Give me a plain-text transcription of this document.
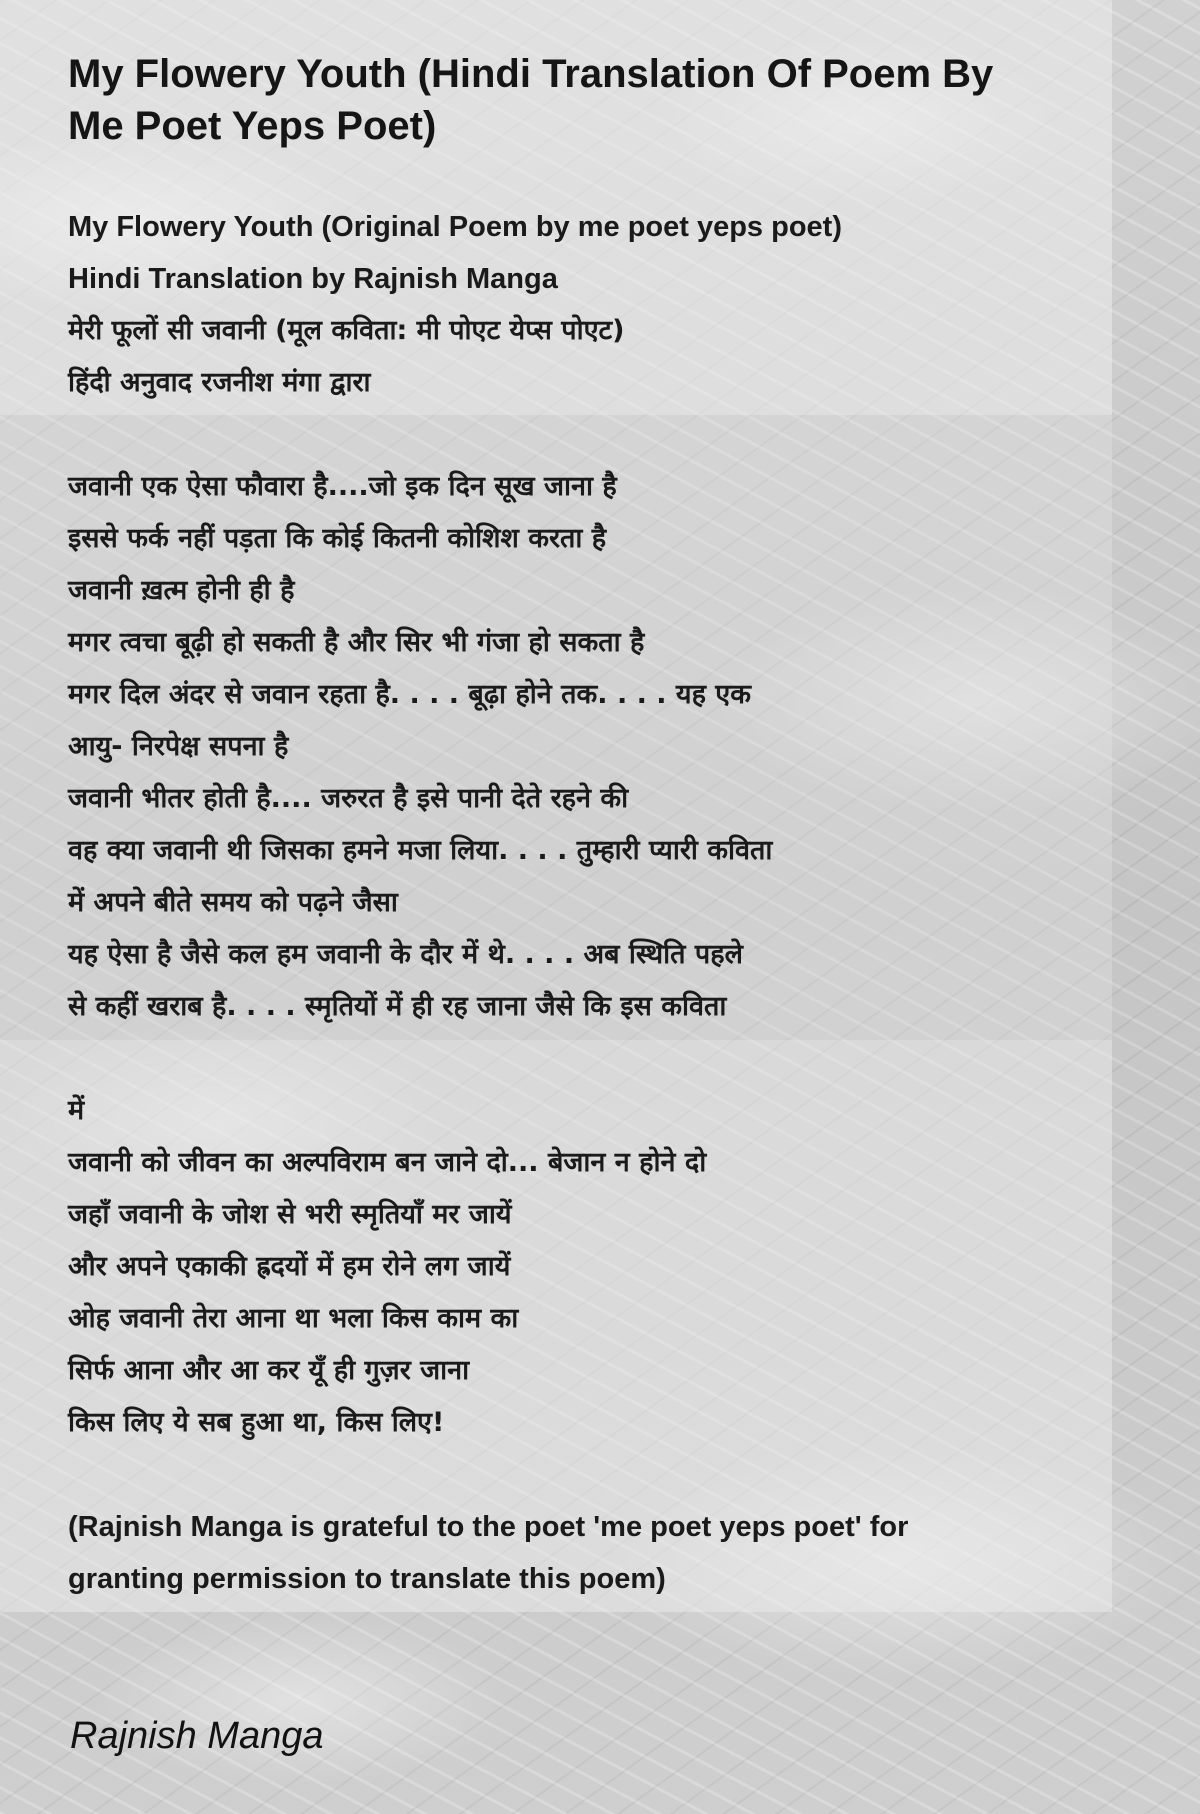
My Flowery Youth (Hindi Translation Of Poem By Me Poet Yeps Poet)
My Flowery Youth (Original Poem by me poet yeps poet)
Hindi Translation by Rajnish Manga
मेरी फूलों सी जवानी (मूल कविता: मी पोएट येप्स पोएट)
हिंदी अनुवाद रजनीश मंगा द्वारा
जवानी एक ऐसा फौवारा है....जो इक दिन सूख जाना है
इससे फर्क नहीं पड़ता कि कोई कितनी कोशिश करता है
जवानी ख़त्म होनी ही है
मगर त्वचा बूढ़ी हो सकती है और सिर भी गंजा हो सकता है
मगर दिल अंदर से जवान रहता है. . . . बूढ़ा होने तक. . . . यह एक
आयु- निरपेक्ष सपना है
जवानी भीतर होती है.... जरुरत है इसे पानी देते रहने की
वह क्या जवानी थी जिसका हमने मजा लिया. . . . तुम्हारी प्यारी कविता
में अपने बीते समय को पढ़ने जैसा
यह ऐसा है जैसे कल हम जवानी के दौर में थे. . . . अब स्थिति पहले
से कहीं खराब है. . . . स्मृतियों में ही रह जाना जैसे कि इस कविता
में
जवानी को जीवन का अल्पविराम बन जाने दो... बेजान न होने दो
जहाँ जवानी के जोश से भरी स्मृतियाँ मर जायें
और अपने एकाकी ह्रदयों में हम रोने लग जायें
ओह जवानी तेरा आना था भला किस काम का
सिर्फ आना और आ कर यूँ ही गुज़र जाना
किस लिए ये सब हुआ था, किस लिए!
(Rajnish Manga is grateful to the poet 'me poet yeps poet' for
granting permission to translate this poem)
Rajnish Manga
